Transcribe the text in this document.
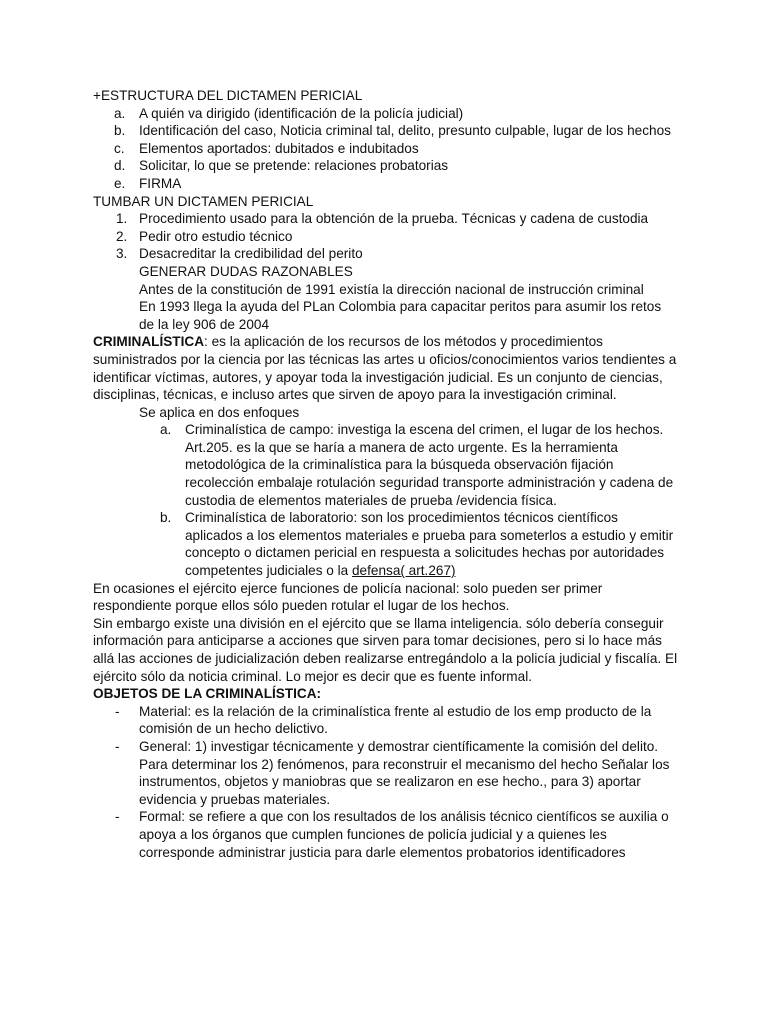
+ESTRUCTURA DEL DICTAMEN PERICIAL

a.	A quién va dirigido (identificación de la policía judicial)
b.	Identificación del caso, Noticia criminal tal, delito, presunto culpable, lugar de los hechos
c.	Elementos aportados: dubitados e indubitados
d.	Solicitar, lo que se pretende: relaciones probatorias
e.	FIRMA

TUMBAR UN DICTAMEN PERICIAL

1. Procedimiento usado para la obtención de la prueba. Técnicas y cadena de custodia
2. Pedir otro estudio técnico
3. Desacreditar la credibilidad del perito

GENERAR DUDAS RAZONABLES

Antes de la constitución de 1991 existía la dirección nacional de instrucción criminal

En 1993 llega la ayuda del PLan Colombia para capacitar peritos para asumir los retos de la ley 906 de 2004

CRIMINALÍSTICA: es la aplicación de los recursos de los métodos y procedimientos suministrados por la ciencia por las técnicas las artes u oficios/conocimientos varios tendientes a identificar víctimas, autores, y apoyar toda la investigación judicial. Es un conjunto de ciencias, disciplinas, técnicas, e incluso artes que sirven de apoyo para la investigación criminal.

Se aplica en dos enfoques

a.	Criminalística de campo: investiga la escena del crimen, el lugar de los hechos. Art.205. es la que se haría a manera de acto urgente. Es la herramienta metodológica de la criminalística para la búsqueda observación fijación recolección embalaje rotulación seguridad transporte administración y cadena de custodia de elementos materiales de prueba /evidencia física.
b.	Criminalística de laboratorio: son los procedimientos técnicos científicos aplicados a los elementos materiales e prueba para someterlos a estudio y emitir concepto o dictamen pericial en respuesta a solicitudes hechas por autoridades competentes judiciales o la defensa( art.267)

En ocasiones el ejército ejerce funciones de policía nacional: solo pueden ser primer respondiente porque ellos sólo pueden rotular el lugar de los hechos.

Sin embargo existe una división en el ejército que se llama inteligencia. sólo debería conseguir información para anticiparse a acciones que sirven para tomar decisiones, pero si lo hace más allá las acciones de judicialización deben realizarse entregándolo a la policía judicial y fiscalía. El ejército sólo da noticia criminal. Lo mejor es decir que es fuente informal.

OBJETOS DE LA CRIMINALÍSTICA:

-	Material: es la relación de la criminalística frente al estudio de los emp producto de la comisión de un hecho delictivo.
-	General: 1) investigar técnicamente y demostrar científicamente la comisión del delito. Para determinar los 2) fenómenos, para reconstruir el mecanismo del hecho Señalar los instrumentos, objetos y maniobras que se realizaron en ese hecho., para 3) aportar evidencia y pruebas materiales.
-	Formal: se refiere a que con los resultados de los análisis técnico científicos se auxilia o apoya a los órganos que cumplen funciones de policía judicial y a quienes les corresponde administrar justicia para darle elementos probatorios identificadores
